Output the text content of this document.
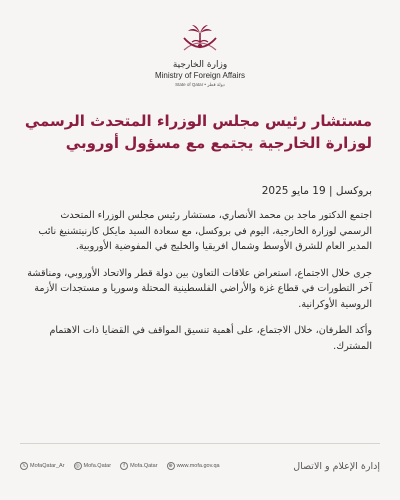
وزارة الخارجية
Ministry of Foreign Affairs
State of Qatar • دولة قطر
مستشار رئيس مجلس الوزراء المتحدث الرسمي لوزارة الخارجية يجتمع مع مسؤول أوروبي

بروكسل | 19 مايو 2025

اجتمع الدكتور ماجد بن محمد الأنصاري، مستشار رئيس مجلس الوزراء المتحدث الرسمي لوزارة الخارجية، اليوم في بروكسل، مع سعادة السيد مايكل كارنيتشنيغ نائب المدير العام للشرق الأوسط وشمال افريقيا والخليج في المفوضية الأوروبية.

جرى خلال الاجتماع، استعراض علاقات التعاون بين دولة قطر والاتحاد الأوروبي، ومناقشة آخر التطورات في قطاع غزة والأراضي الفلسطينية المحتلة وسوريا و مستجدات الأزمة الروسية الأوكرانية.

وأكد الطرفان، خلال الاجتماع، على أهمية تنسيق المواقف في القضايا ذات الاهتمام المشترك.

𝕏 MofaQatar_Ar	◎ Mofa.Qatar	f Mofa.Qatar	⊕ www.mofa.gov.qa	إدارة الإعلام و الاتصال
